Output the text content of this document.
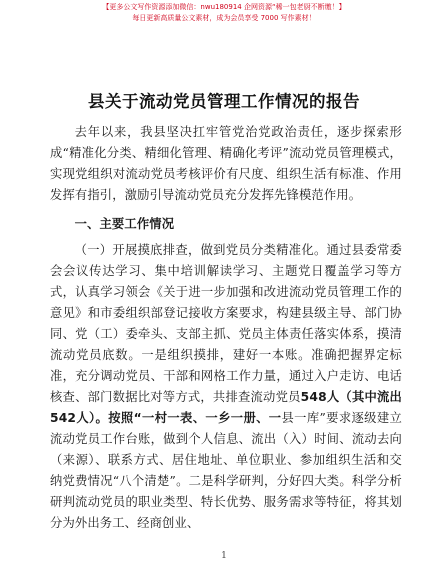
【更多公文写作资源添加微信：nwu180914 企网资源“稀一包老厨不断缴！】
每日更新高质量公文素材，成为会员享受 7000 写作素材！
县关于流动党员管理工作情况的报告

去年以来，我县坚决扛牢管党治党政治责任，逐步探索形成“精准化分类、精细化管理、精确化考评”流动党员管理模式，实现党组织对流动党员考核评价有尺度、组织生活有标准、作用发挥有指引，激励引导流动党员充分发挥先锋模范作用。

一、主要工作情况

（一）开展摸底排查，做到党员分类精准化。通过县委常委会会议传达学习、集中培训解读学习、主题党日覆盖学习等方式，认真学习领会《关于进一步加强和改进流动党员管理工作的意见》和市委组织部登记接收方案要求，构建县级主导、部门协同、党（工）委牵头、支部主抓、党员主体责任落实体系，摸清流动党员底数。一是组织摸排，建好一本账。准确把握界定标准，充分调动党员、干部和网格工作力量，通过入户走访、电话核查、部门数据比对等方式，共排查流动党员548人（其中流出542人）。按照“一村一表、一乡一册、一县一库”要求逐级建立流动党员工作台账，做到个人信息、流出（入）时间、流动去向（来源）、联系方式、居住地址、单位职业、参加组织生活和交纳党费情况“八个清楚”。二是科学研判，分好四大类。科学分析研判流动党员的职业类型、特长优势、服务需求等特征，将其划分为外出务工、经商创业、

1
